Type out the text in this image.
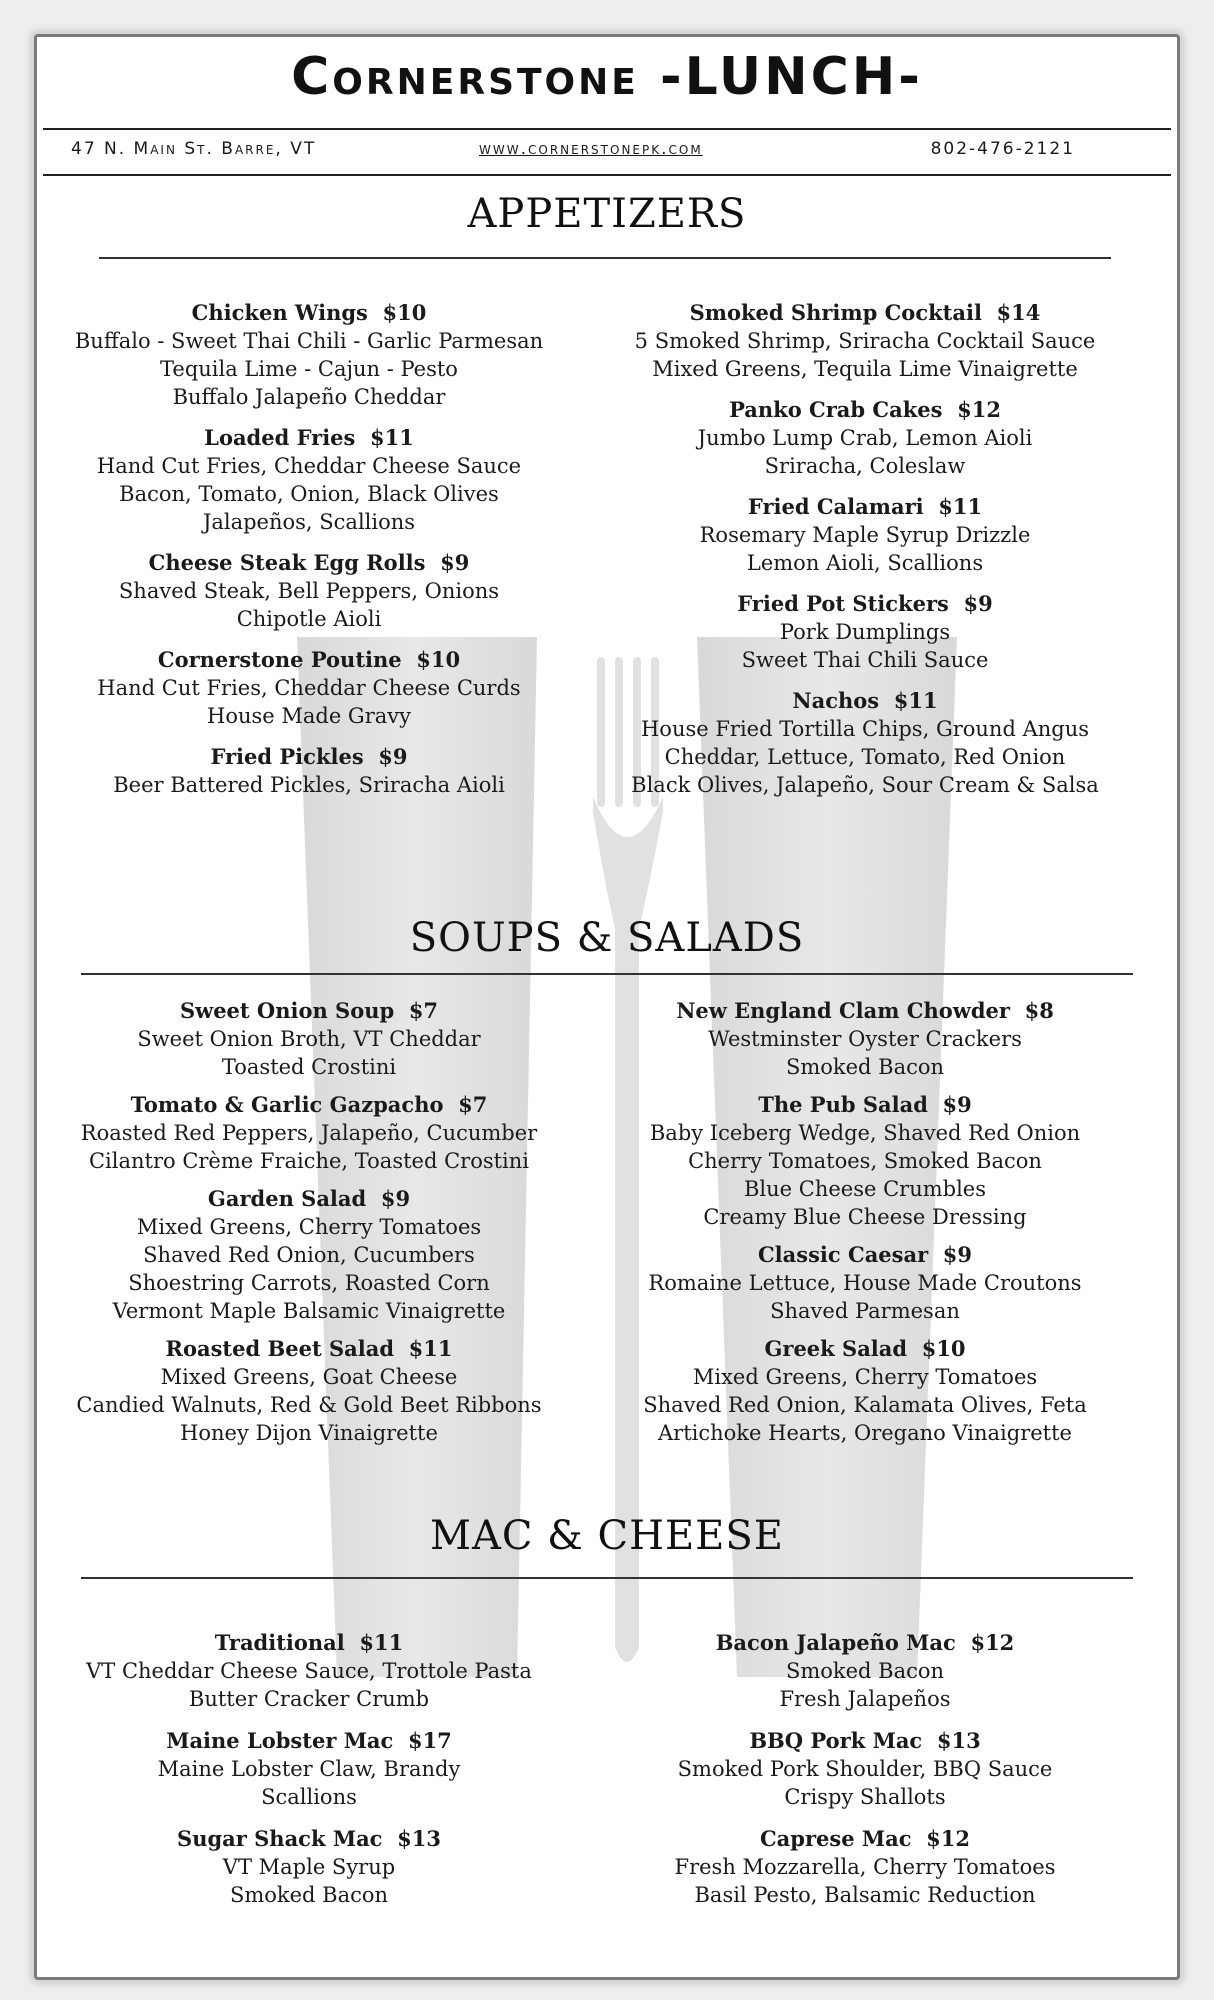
Cornerstone -LUNCH-
47 N. Main St. Barre, VT	www.cornerstonepk.com	802-476-2121
APPETIZERS
Chicken Wings $10
Buffalo - Sweet Thai Chili - Garlic Parmesan
Tequila Lime - Cajun - Pesto
Buffalo Jalapeño Cheddar
Loaded Fries $11
Hand Cut Fries, Cheddar Cheese Sauce
Bacon, Tomato, Onion, Black Olives
Jalapeños, Scallions
Cheese Steak Egg Rolls $9
Shaved Steak, Bell Peppers, Onions
Chipotle Aioli
Cornerstone Poutine $10
Hand Cut Fries, Cheddar Cheese Curds
House Made Gravy
Fried Pickles $9
Beer Battered Pickles, Sriracha Aioli
Smoked Shrimp Cocktail $14
5 Smoked Shrimp, Sriracha Cocktail Sauce
Mixed Greens, Tequila Lime Vinaigrette
Panko Crab Cakes $12
Jumbo Lump Crab, Lemon Aioli
Sriracha, Coleslaw
Fried Calamari $11
Rosemary Maple Syrup Drizzle
Lemon Aioli, Scallions
Fried Pot Stickers $9
Pork Dumplings
Sweet Thai Chili Sauce
Nachos $11
House Fried Tortilla Chips, Ground Angus
Cheddar, Lettuce, Tomato, Red Onion
Black Olives, Jalapeño, Sour Cream & Salsa
SOUPS & SALADS
Sweet Onion Soup $7
Sweet Onion Broth, VT Cheddar
Toasted Crostini
Tomato & Garlic Gazpacho $7
Roasted Red Peppers, Jalapeño, Cucumber
Cilantro Crème Fraiche, Toasted Crostini
Garden Salad $9
Mixed Greens, Cherry Tomatoes
Shaved Red Onion, Cucumbers
Shoestring Carrots, Roasted Corn
Vermont Maple Balsamic Vinaigrette
Roasted Beet Salad $11
Mixed Greens, Goat Cheese
Candied Walnuts, Red & Gold Beet Ribbons
Honey Dijon Vinaigrette
New England Clam Chowder $8
Westminster Oyster Crackers
Smoked Bacon
The Pub Salad $9
Baby Iceberg Wedge, Shaved Red Onion
Cherry Tomatoes, Smoked Bacon
Blue Cheese Crumbles
Creamy Blue Cheese Dressing
Classic Caesar $9
Romaine Lettuce, House Made Croutons
Shaved Parmesan
Greek Salad $10
Mixed Greens, Cherry Tomatoes
Shaved Red Onion, Kalamata Olives, Feta
Artichoke Hearts, Oregano Vinaigrette
MAC & CHEESE
Traditional $11
VT Cheddar Cheese Sauce, Trottole Pasta
Butter Cracker Crumb
Maine Lobster Mac $17
Maine Lobster Claw, Brandy
Scallions
Sugar Shack Mac $13
VT Maple Syrup
Smoked Bacon
Bacon Jalapeño Mac $12
Smoked Bacon
Fresh Jalapeños
BBQ Pork Mac $13
Smoked Pork Shoulder, BBQ Sauce
Crispy Shallots
Caprese Mac $12
Fresh Mozzarella, Cherry Tomatoes
Basil Pesto, Balsamic Reduction
